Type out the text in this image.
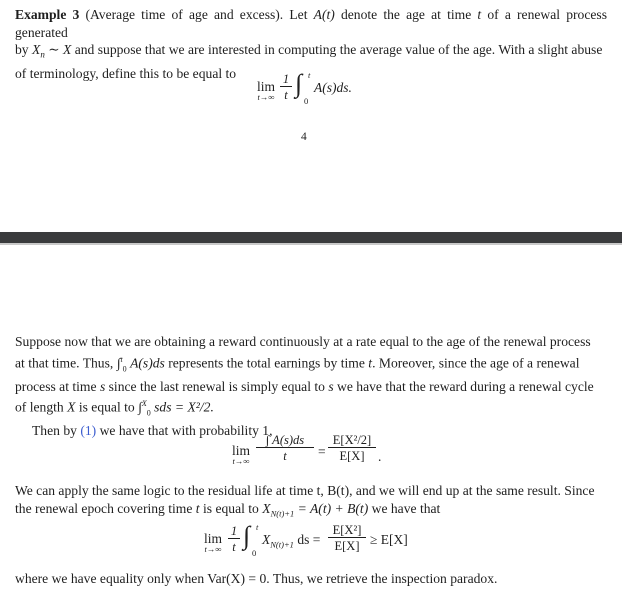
Example 3 (Average time of age and excess). Let A(t) denote the age at time t of a renewal process generated
by $X_n$ ∼ X and suppose that we are interested in computing the average value of the age. With a slight abuse
of terminology, define this to be equal to

lim
$t\to\infty \frac{1}{t}$ ∫ t
0
A(s)ds.
4

Suppose now that we are obtaining a reward continuously at a rate equal to the age of the renewal process
at that time. Thus, ∫$^t_0$ A(s)ds represents the total earnings by time t. Moreover, since the age of a renewal
process at time s since the last renewal is simply equal to s we have that the reward during a renewal cycle
of length X is equal to ∫$^X_0$ sds = X²/2.
Then by (1) we have that with probability 1,

lim
$t\to\infty \frac{\int A(s)ds}{t} = \frac{\text{E[X²/2]}}{E[X]}$ .

We can apply the same logic to the residual life at time t, B(t), and we will end up at the same result. Since
the renewal epoch covering time t is equal to $X_{N(t)+1} = A(t) + B(t)$ we have that

lim
$t\to\infty \frac{1}{t}$ ∫ t
0
$X_{N(t)+1}$ ds = $\frac{\text{E[X²]}}{E[X]} \ge E[X]$

where we have equality only when Var(X) = 0. Thus, we retrieve the inspection paradox.
